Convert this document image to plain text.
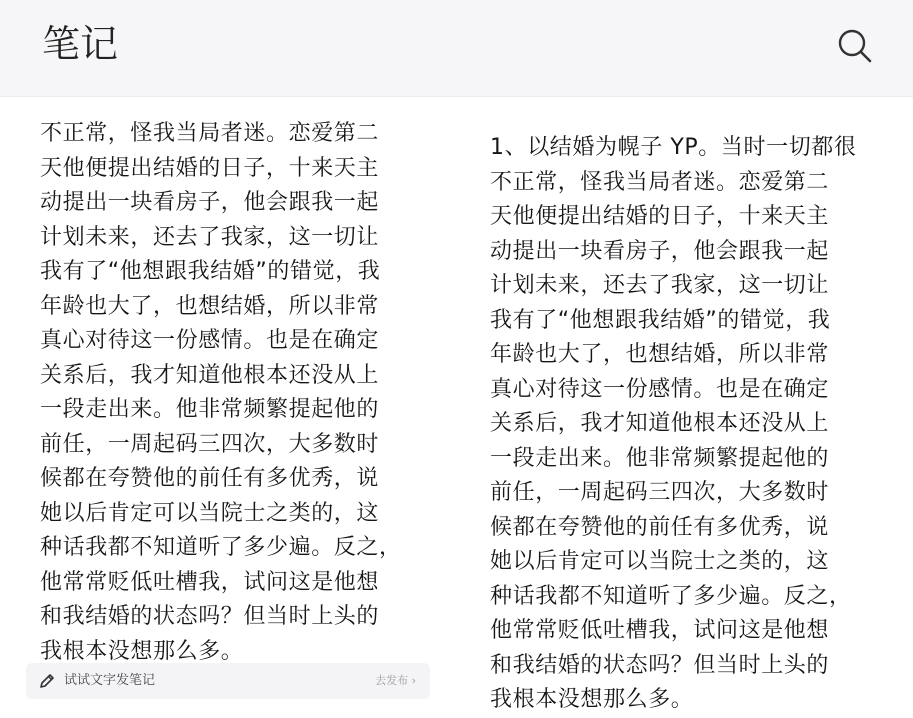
笔记
不正常，怪我当局者迷。恋爱第二
天他便提出结婚的日子，十来天主
动提出一块看房子，他会跟我一起
计划未来，还去了我家，这一切让
我有了“他想跟我结婚”的错觉，我
年龄也大了，也想结婚，所以非常
真心对待这一份感情。也是在确定
关系后，我才知道他根本还没从上
一段走出来。他非常频繁提起他的
前任，一周起码三四次，大多数时
候都在夸赞他的前任有多优秀，说
她以后肯定可以当院士之类的，这
种话我都不知道听了多少遍。反之，
他常常贬低吐槽我，试问这是他想
和我结婚的状态吗？但当时上头的
我根本没想那么多。
试试文字发笔记	去发布 ›
1、以结婚为幌子 YP。当时一切都很
不正常，怪我当局者迷。恋爱第二
天他便提出结婚的日子，十来天主
动提出一块看房子，他会跟我一起
计划未来，还去了我家，这一切让
我有了“他想跟我结婚”的错觉，我
年龄也大了，也想结婚，所以非常
真心对待这一份感情。也是在确定
关系后，我才知道他根本还没从上
一段走出来。他非常频繁提起他的
前任，一周起码三四次，大多数时
候都在夸赞他的前任有多优秀，说
她以后肯定可以当院士之类的，这
种话我都不知道听了多少遍。反之，
他常常贬低吐槽我，试问这是他想
和我结婚的状态吗？但当时上头的
我根本没想那么多。
